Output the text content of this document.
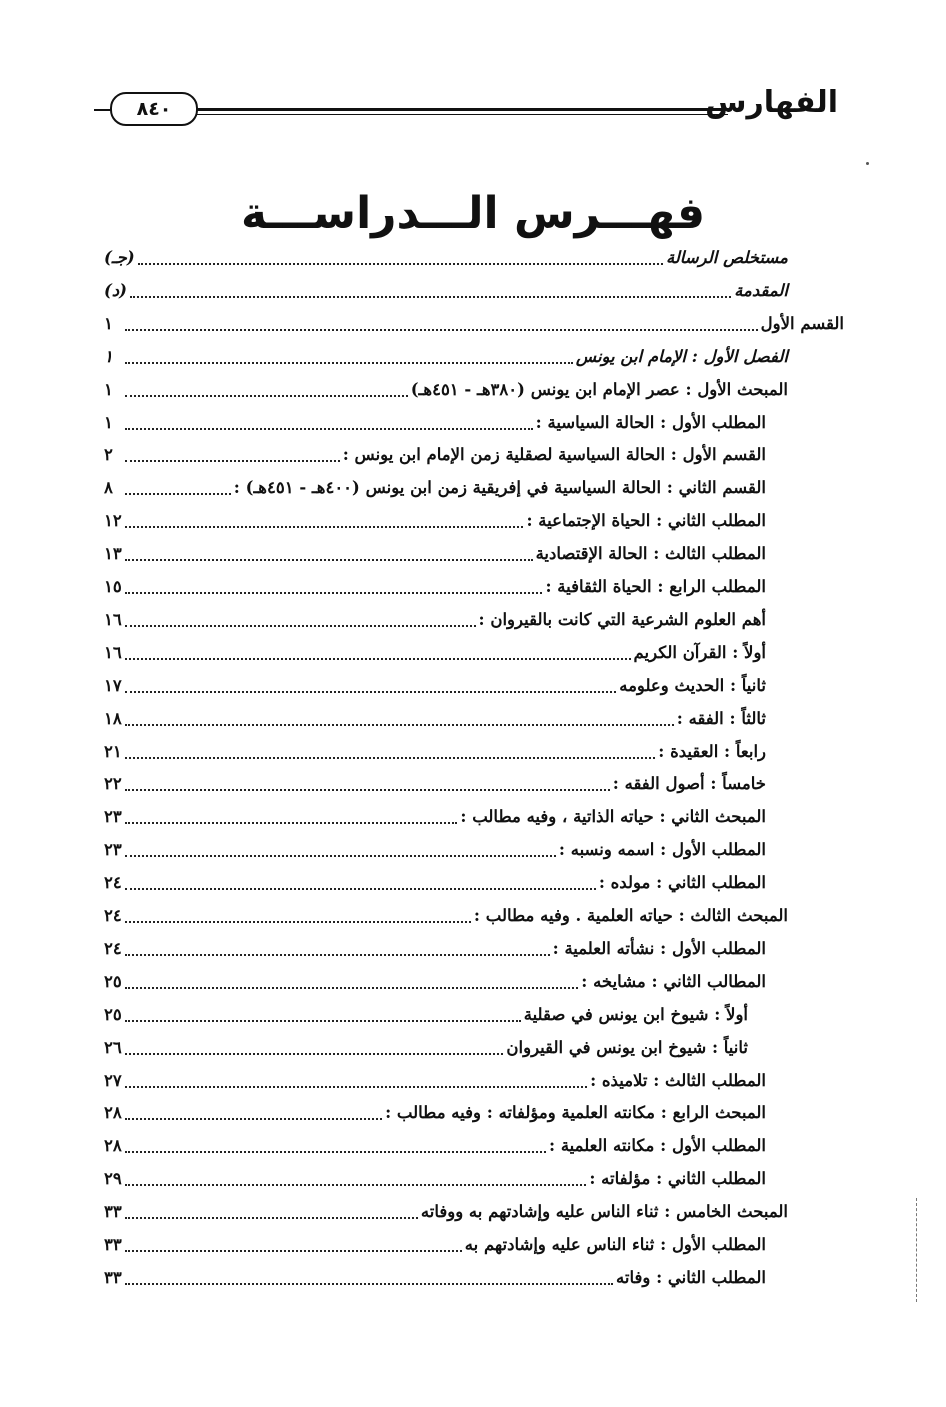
الفهارس
٨٤٠
فهـــرس الـــدراســـة
مستخلص الرسالة
(جـ)
المقدمة
(د)
القسم الأول
١
الفصل الأول : الإمام ابن يونس
١
المبحث الأول : عصر الإمام ابن يونس (٣٨٠هـ - ٤٥١هـ)
١
المطلب الأول : الحالة السياسية :
١
القسم الأول : الحالة السياسية لصقلية زمن الإمام ابن يونس :
٢
القسم الثاني : الحالة السياسية في إفريقية زمن ابن يونس (٤٠٠هـ - ٤٥١هـ) :
٨
المطلب الثاني : الحياة الإجتماعية :
١٢
المطلب الثالث : الحالة الإقتصادية
١٣
المطلب الرابع : الحياة الثقافية :
١٥
أهم العلوم الشرعية التي كانت بالقيروان :
١٦
أولاً : القرآن الكريم
١٦
ثانياً : الحديث وعلومه
١٧
ثالثاً : الفقه :
١٨
رابعاً : العقيدة :
٢١
خامساً : أصول الفقه :
٢٢
المبحث الثاني : حياته الذاتية ، وفيه مطالب :
٢٣
المطلب الأول : اسمه ونسبه :
٢٣
المطلب الثاني : مولده :
٢٤
المبحث الثالث : حياته العلمية . وفيه مطالب :
٢٤
المطلب الأول : نشأته العلمية :
٢٤
المطالب الثاني : مشايخه :
٢٥
أولاً : شيوخ ابن يونس في صقلية
٢٥
ثانياً : شيوخ ابن يونس في القيروان
٢٦
المطلب الثالث : تلاميذه :
٢٧
المبحث الرابع : مكانته العلمية ومؤلفاته : وفيه مطالب :
٢٨
المطلب الأول : مكانته العلمية :
٢٨
المطلب الثاني : مؤلفاته :
٢٩
المبحث الخامس : ثناء الناس عليه وإشادتهم به ووفاته
٣٣
المطلب الأول : ثناء الناس عليه وإشادتهم به
٣٣
المطلب الثاني : وفاته
٣٣
